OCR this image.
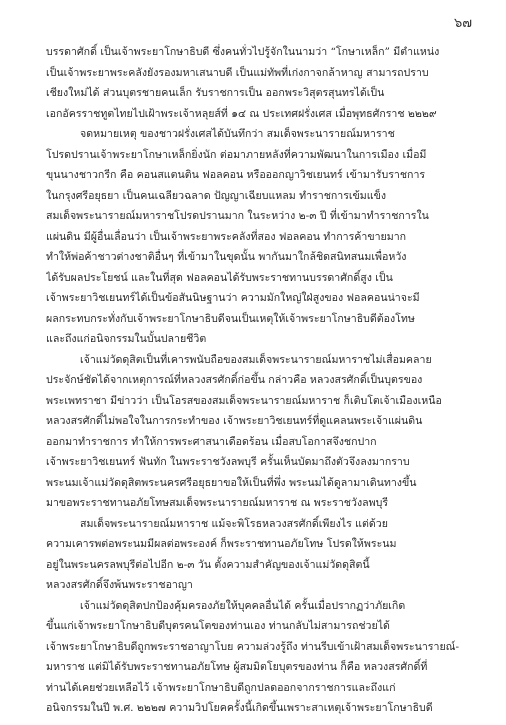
๖๗
บรรดาศักดิ์ เป็นเจ้าพระยาโกษาธิบดี ซึ่งคนทั่วไปรู้จักในนามว่า “โกษาเหล็ก” มีตำแหน่ง
เป็นเจ้าพระยาพระคลังยังรองมหาเสนาบดี เป็นแม่ทัพที่เก่งกาจกล้าหาญ สามารถปราบ
เชียงใหม่ได้ ส่วนบุตรชายคนเล็ก รับราชการเป็น ออกพระวิสุตรสุนทรได้เป็น
เอกอัครราชทูตไทยไปเฝ้าพระเจ้าหลุยส์ที่ ๑๔ ณ ประเทศฝรั่งเศส เมื่อพุทธศักราช ๒๒๒๙
จดหมายเหตุ ของชาวฝรั่งเศสได้บันทึกว่า สมเด็จพระนารายณ์มหาราช
โปรดปรานเจ้าพระยาโกษาเหล็กยิ่งนัก ต่อมาภายหลังที่ความพัฒนาในการเมือง เมื่อมี
ขุนนางชาวกรีก คือ คอนสแตนติน ฟอลคอน หรือออกญาวิชเยนทร์ เข้ามารับราชการ
ในกรุงศรีอยุธยา เป็นคนเฉลียวฉลาด ปัญญาเฉียบแหลม ทำราชการเข้มแข็ง
สมเด็จพระนารายณ์มหาราชโปรดปรานมาก ในระหว่าง ๒-๓ ปี ที่เข้ามาทำราชการใน
แผ่นดิน มีผู้อื่นเลื่อนว่า เป็นเจ้าพระยาพระคลังที่สอง ฟอลคอน ทำการค้าขายมาก
ทำให้พ่อค้าชาวต่างชาติอื่นๆ ที่เข้ามาในขุดนั้น พากันมาใกล้ชิดสนิทสนมเพื่อหวัง
ได้รับผลประโยชน์ และในที่สุด ฟอลคอนได้รับพระราชทานบรรดาศักดิ์สูง เป็น
เจ้าพระยาวิชเยนทร์ได้เป็นข้อสันนิษฐานว่า ความมักใหญ่ใฝ่สูงของ ฟอลคอนน่าจะมี
ผลกระทบกระทั่งกับเจ้าพระยาโกษาธิบดีจนเป็นเหตุให้เจ้าพระยาโกษาธิบดีต้องโทษ
และถึงแก่อนิจกรรมในบั้นปลายชีวิต
เจ้าแม่วัดดุสิตเป็นที่เคารพนับถือของสมเด็จพระนารายณ์มหาราชไม่เสื่อมคลาย
ประจักษ์ชัดได้จากเหตุการณ์ที่หลวงสรศักดิ์ก่อขึ้น กล่าวคือ หลวงสรศักดิ์เป็นบุตรของ
พระเพทราชา มีข่าวว่า เป็นโอรสของสมเด็จพระนารายณ์มหาราช ก็เติบโตเจ้าเมืองเหนือ
หลวงสรศักดิ์ไม่พอใจในการกระทำของ เจ้าพระยาวิชเยนทร์ที่ดูแคลนพระเจ้าแผ่นดิน
ออกมาทำราชการ ทำให้การพระศาสนาเดือดร้อน เมื่อสบโอกาสจึงชกปาก
เจ้าพระยาวิชเยนทร์ ฟันทัก ในพระราชวังลพบุรี ครั้นเห็นบัดมาถึงตัวจึงลงมากราบ
พระนมเจ้าแม่วัดดุสิตพระนครศรีอยุธยาขอให้เป็นที่พึ่ง พระนมได้ดูลามาเดินทางขึ้น
มาขอพระราชทานอภัยโทษสมเด็จพระนารายณ์มหาราช ณ พระราชวังลพบุรี
สมเด็จพระนารายณ์มหาราช แม้จะพิโรธหลวงสรศักดิ์เพียงไร แต่ด้วย
ความเคารพต่อพระนมมีผลต่อพระองค์ ก็พระราชทานอภัยโทษ โปรดให้พระนม
อยู่ในพระนครลพบุรีต่อไปอีก ๒-๓ วัน ตั้งความสำคัญของเจ้าแม่วัดดุสิตนี้
หลวงสรศักดิ์จึงพ้นพระราชอาญา
เจ้าแม่วัดดุสิตปกป้องคุ้มครองภัยให้บุคคลอื่นได้ ครั้นเมื่อปรากฏว่าภัยเกิด
ขึ้นแก่เจ้าพระยาโกษาธิบดีบุตรคนโตของท่านเอง ท่านกลับไม่สามารถช่วยได้
เจ้าพระยาโกษาธิบดีถูกพระราชอาญาโบย ความล่วงรู้ถึง ท่านรีบเข้าเฝ้าสมเด็จพระนารายณ์-
มหาราช แต่มิได้รับพระราชทานอภัยโทษ ผู้สมมิตโยบุตรของท่าน ก็คือ หลวงสรศักดิ์ที่
ท่านได้เคยช่วยเหลือไว้ เจ้าพระยาโกษาธิบดีถูกปลดออกจากราชการและถึงแก่
อนิจกรรมในปี พ.ศ. ๒๒๒๗ ความวิปโยคครั้งนี้เกิดขึ้นเพราะสาเหตุเจ้าพระยาโกษาธิบดี
